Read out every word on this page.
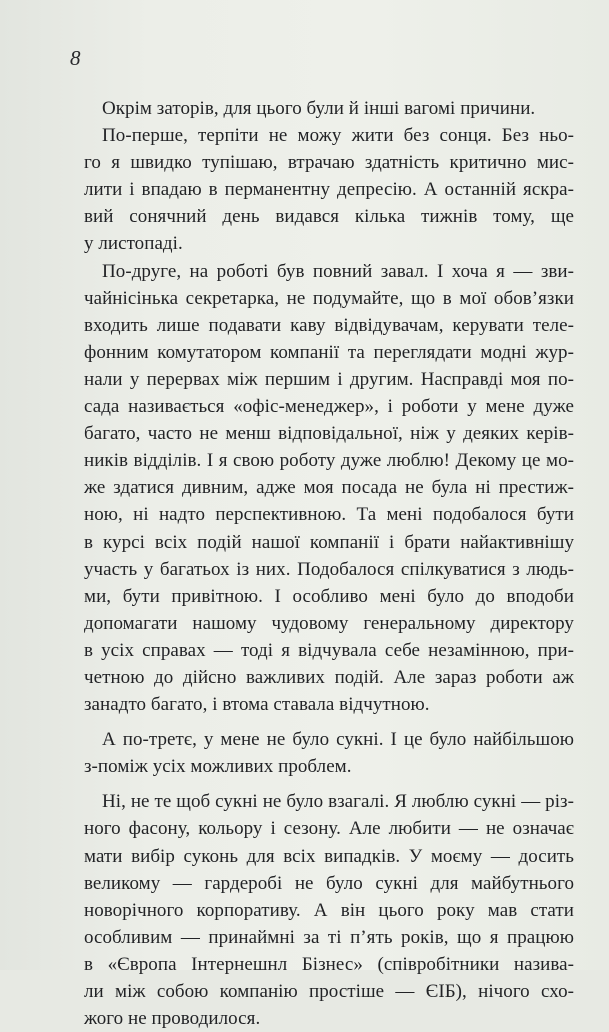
8

Окрім заторів, для цього були й інші вагомі причини.

По-перше, терпіти не можу жити без сонця. Без ньо-
го я швидко тупішаю, втрачаю здатність критично мис-
лити і впадаю в перманентну депресію. А останній яскра-
вий сонячний день видався кілька тижнів тому, ще
у листопаді.

По-друге, на роботі був повний завал. І хоча я — зви-
чайнісінька секретарка, не подумайте, що в мої обов’язки
входить лише подавати каву відвідувачам, керувати теле-
фонним комутатором компанії та переглядати модні жур-
нали у перервах між першим і другим. Насправді моя по-
сада називається «офіс-менеджер», і роботи у мене дуже
багато, часто не менш відповідальної, ніж у деяких керів-
ників відділів. І я свою роботу дуже люблю! Декому це мо-
же здатися дивним, адже моя посада не була ні престиж-
ною, ні надто перспективною. Та мені подобалося бути
в курсі всіх подій нашої компанії і брати найактивнішу
участь у багатьох із них. Подобалося спілкуватися з людь-
ми, бути привітною. І особливо мені було до вподоби
допомагати нашому чудовому генеральному директору
в усіх справах — тоді я відчувала себе незамінною, при-
четною до дійсно важливих подій. Але зараз роботи аж
занадто багато, і втома ставала відчутною.

А по-третє, у мене не було сукні. І це було найбільшою
з-поміж усіх можливих проблем.

Ні, не те щоб сукні не було взагалі. Я люблю сукні — різ-
ного фасону, кольору і сезону. Але любити — не означає
мати вибір суконь для всіх випадків. У моєму — досить
великому — гардеробі не було сукні для майбутнього
новорічного корпоративу. А він цього року мав стати
особливим — принаймні за ті п’ять років, що я працюю
в «Європа Інтернешнл Бізнес» (співробітники назива-
ли між собою компанію простіше — ЄІБ), нічого схо-
жого не проводилося.
